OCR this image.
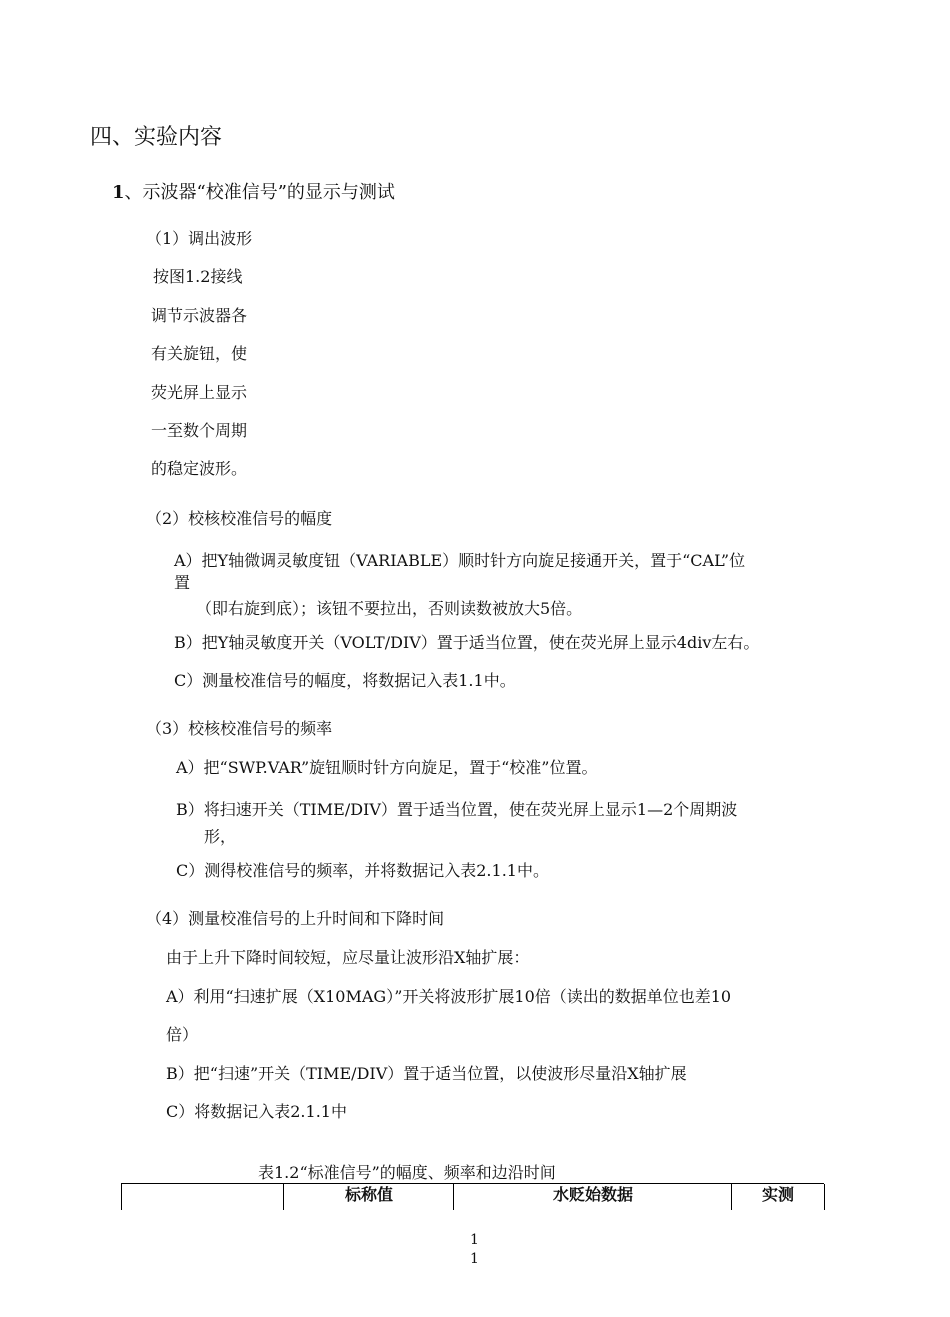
四、实验内容
1、示波器“校准信号”的显示与测试
（1）调出波形
按图1.2接线
调节示波器各
有关旋钮，使
荧光屏上显示
一至数个周期
的稳定波形。
（2）校核校准信号的幅度
A）把Y轴微调灵敏度钮（VARIABLE）顺时针方向旋足接通开关，置于“CAL”位
置
（即右旋到底）；该钮不要拉出，否则读数被放大5倍。
B）把Y轴灵敏度开关（VOLT/DIV）置于适当位置，使在荧光屏上显示4div左右。
C）测量校准信号的幅度，将数据记入表1.1中。
（3）校核校准信号的频率
A）把“SWP.VAR”旋钮顺时针方向旋足，置于“校准”位置。
B）将扫速开关（TIME/DIV）置于适当位置，使在荧光屏上显示1—2个周期波
形，
C）测得校准信号的频率，并将数据记入表2.1.1中。
（4）测量校准信号的上升时间和下降时间
由于上升下降时间较短，应尽量让波形沿X轴扩展：
A）利用“扫速扩展（X10MAG）”开关将波形扩展10倍（读出的数据单位也差10
倍）
B）把“扫速”开关（TIME/DIV）置于适当位置，以使波形尽量沿X轴扩展
C）将数据记入表2.1.1中
表1.2“标准信号”的幅度、频率和边沿时间
标称值	水贬始数据	实测
1
1
